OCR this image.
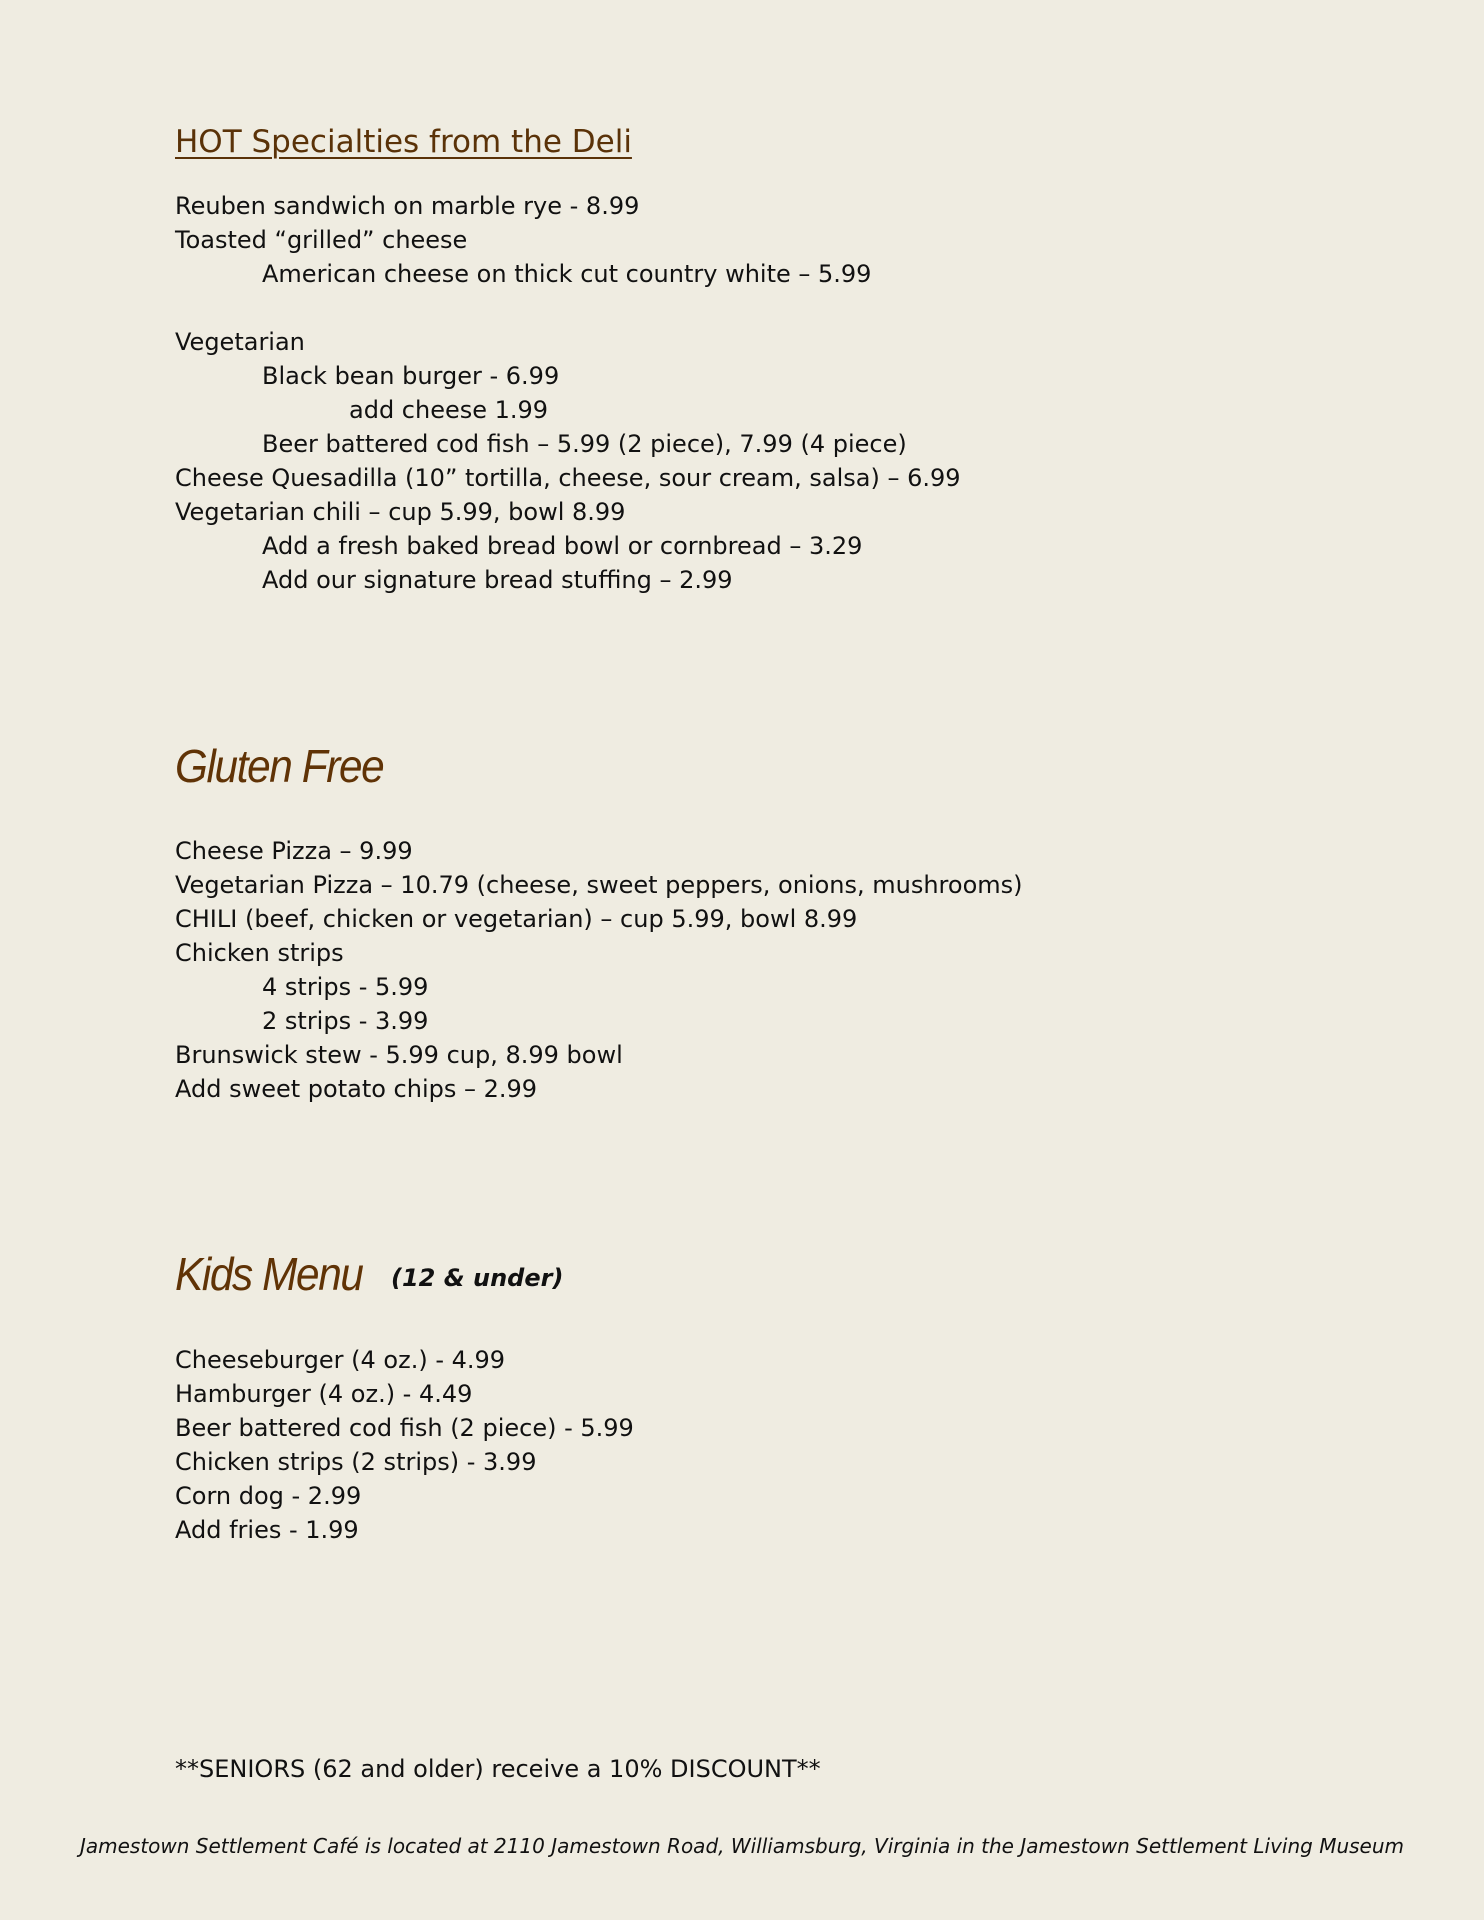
HOT Specialties from the Deli
Reuben sandwich on marble rye - 8.99
Toasted “grilled” cheese
American cheese on thick cut country white – 5.99
Vegetarian
Black bean burger - 6.99
add cheese 1.99
Beer battered cod fish – 5.99 (2 piece), 7.99 (4 piece)
Cheese Quesadilla (10” tortilla, cheese, sour cream, salsa) – 6.99
Vegetarian chili – cup 5.99, bowl 8.99
Add a fresh baked bread bowl or cornbread – 3.29
Add our signature bread stuffing – 2.99
Gluten Free
Cheese Pizza – 9.99
Vegetarian Pizza – 10.79 (cheese, sweet peppers, onions, mushrooms)
CHILI (beef, chicken or vegetarian) – cup 5.99, bowl 8.99
Chicken strips
4 strips - 5.99
2 strips - 3.99
Brunswick stew - 5.99 cup, 8.99 bowl
Add sweet potato chips – 2.99
Kids Menu (12 & under)
Cheeseburger (4 oz.) - 4.99
Hamburger (4 oz.) - 4.49
Beer battered cod fish (2 piece) - 5.99
Chicken strips (2 strips) - 3.99
Corn dog - 2.99
Add fries - 1.99
**SENIORS (62 and older) receive a 10% DISCOUNT**
Jamestown Settlement Café is located at 2110 Jamestown Road, Williamsburg, Virginia in the Jamestown Settlement Living Museum
